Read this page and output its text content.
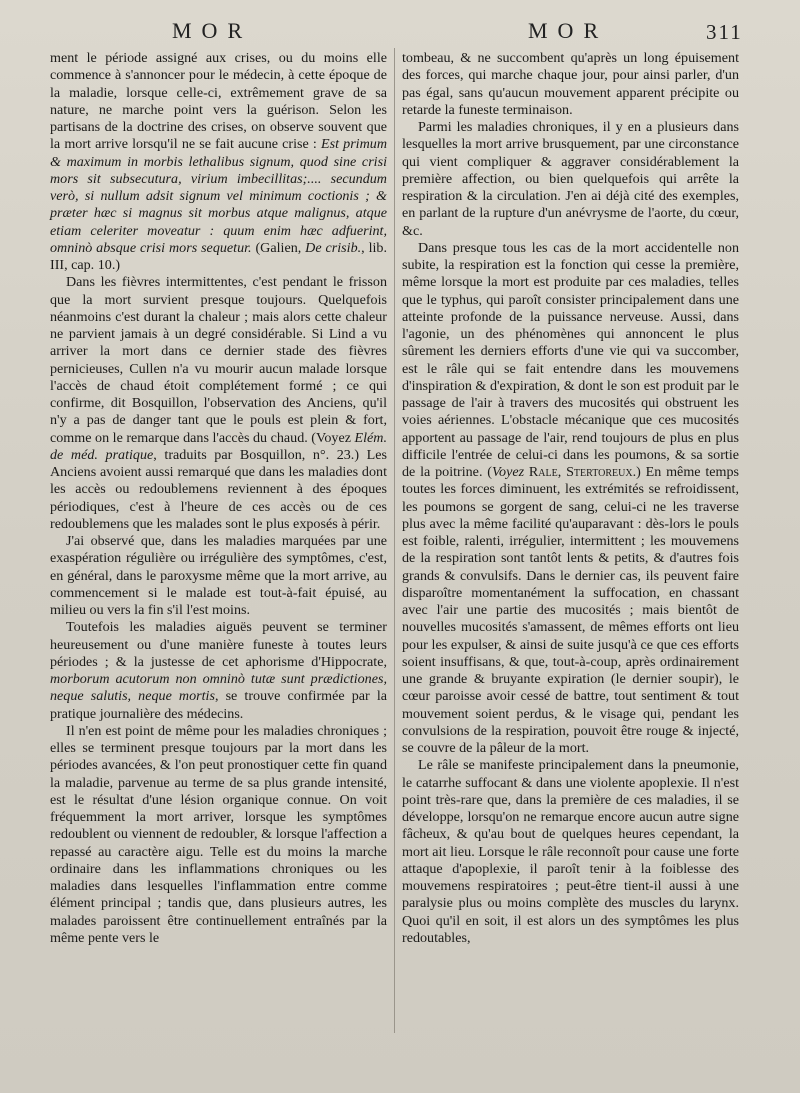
MOR	MOR	311

ment le période assigné aux crises, ou du moins elle commence à s'annoncer pour le médecin, à cette époque de la maladie, lorsque celle-ci, extrêmement grave de sa nature, ne marche point vers la guérison. Selon les partisans de la doctrine des crises, on observe souvent que la mort arrive lorsqu'il ne se fait aucune crise : Est primum & maximum in morbis lethalibus signum, quod sine crisi mors sit subsecutura, virium imbecillitas;.... secundum verò, si nullum adsit signum vel minimum coctionis ; & præter hæc si magnus sit morbus atque malignus, atque etiam celeriter moveatur : quum enim hæc adfuerint, omninò absque crisi mors sequetur. (Galien, De crisib., lib. III, cap. 10.)

Dans les fièvres intermittentes, c'est pendant le frisson que la mort survient presque toujours. Quelquefois néanmoins c'est durant la chaleur ; mais alors cette chaleur ne parvient jamais à un degré considérable. Si Lind a vu arriver la mort dans ce dernier stade des fièvres pernicieuses, Cullen n'a vu mourir aucun malade lorsque l'accès de chaud étoit complétement formé ; ce qui confirme, dit Bosquillon, l'observation des Anciens, qu'il n'y a pas de danger tant que le pouls est plein & fort, comme on le remarque dans l'accès du chaud. (Voyez Elém. de méd. pratique, traduits par Bosquillon, n°. 23.) Les Anciens avoient aussi remarqué que dans les maladies dont les accès ou redoublemens reviennent à des époques périodiques, c'est à l'heure de ces accès ou de ces redoublemens que les malades sont le plus exposés à périr.

J'ai observé que, dans les maladies marquées par une exaspération régulière ou irrégulière des symptômes, c'est, en général, dans le paroxysme même que la mort arrive, au commencement si le malade est tout-à-fait épuisé, au milieu ou vers la fin s'il l'est moins.

Toutefois les maladies aiguës peuvent se terminer heureusement ou d'une manière funeste à toutes leurs périodes ; & la justesse de cet aphorisme d'Hippocrate, morborum acutorum non omninò tutæ sunt prædictiones, neque salutis, neque mortis, se trouve confirmée par la pratique journalière des médecins.

Il n'en est point de même pour les maladies chroniques ; elles se terminent presque toujours par la mort dans les périodes avancées, & l'on peut pronostiquer cette fin quand la maladie, parvenue au terme de sa plus grande intensité, est le résultat d'une lésion organique connue. On voit fréquemment la mort arriver, lorsque les symptômes redoublent ou viennent de redoubler, & lorsque l'affection a repassé au caractère aigu. Telle est du moins la marche ordinaire dans les inflammations chroniques ou les maladies dans lesquelles l'inflammation entre comme élément principal ; tandis que, dans plusieurs autres, les malades paroissent être continuellement entraînés par la même pente vers le

tombeau, & ne succombent qu'après un long épuisement des forces, qui marche chaque jour, pour ainsi parler, d'un pas égal, sans qu'aucun mouvement apparent précipite ou retarde la funeste terminaison.

Parmi les maladies chroniques, il y en a plusieurs dans lesquelles la mort arrive brusquement, par une circonstance qui vient compliquer & aggraver considérablement la première affection, ou bien quelquefois qui arrête la respiration & la circulation. J'en ai déjà cité des exemples, en parlant de la rupture d'un anévrysme de l'aorte, du cœur, &c.

Dans presque tous les cas de la mort accidentelle non subite, la respiration est la fonction qui cesse la première, même lorsque la mort est produite par ces maladies, telles que le typhus, qui paroît consister principalement dans une atteinte profonde de la puissance nerveuse. Aussi, dans l'agonie, un des phénomènes qui annoncent le plus sûrement les derniers efforts d'une vie qui va succomber, est le râle qui se fait entendre dans les mouvemens d'inspiration & d'expiration, & dont le son est produit par le passage de l'air à travers des mucosités qui obstruent les voies aériennes. L'obstacle mécanique que ces mucosités apportent au passage de l'air, rend toujours de plus en plus difficile l'entrée de celui-ci dans les poumons, & sa sortie de la poitrine. (Voyez Rale, Stertoreux.) En même temps toutes les forces diminuent, les extrémités se refroidissent, les poumons se gorgent de sang, celui-ci ne les traverse plus avec la même facilité qu'auparavant : dès-lors le pouls est foible, ralenti, irrégulier, intermittent ; les mouvemens de la respiration sont tantôt lents & petits, & d'autres fois grands & convulsifs. Dans le dernier cas, ils peuvent faire disparoître momentanément la suffocation, en chassant avec l'air une partie des mucosités ; mais bientôt de nouvelles mucosités s'amassent, de mêmes efforts ont lieu pour les expulser, & ainsi de suite jusqu'à ce que ces efforts soient insuffisans, & que, tout-à-coup, après ordinairement une grande & bruyante expiration (le dernier soupir), le cœur paroisse avoir cessé de battre, tout sentiment & tout mouvement soient perdus, & le visage qui, pendant les convulsions de la respiration, pouvoit être rouge & injecté, se couvre de la pâleur de la mort.

Le râle se manifeste principalement dans la pneumonie, le catarrhe suffocant & dans une violente apoplexie. Il n'est point très-rare que, dans la première de ces maladies, il se développe, lorsqu'on ne remarque encore aucun autre signe fâcheux, & qu'au bout de quelques heures cependant, la mort ait lieu. Lorsque le râle reconnoît pour cause une forte attaque d'apoplexie, il paroît tenir à la foiblesse des mouvemens respiratoires ; peut-être tient-il aussi à une paralysie plus ou moins complète des muscles du larynx. Quoi qu'il en soit, il est alors un des symptômes les plus redoutables,
